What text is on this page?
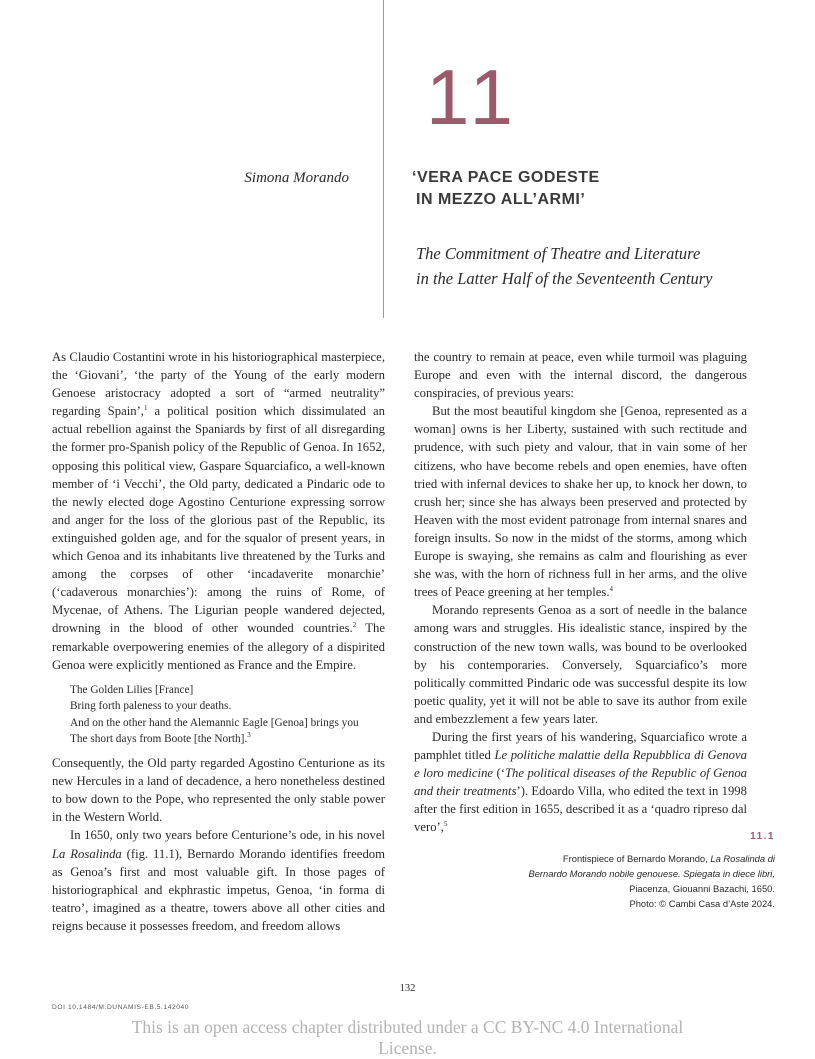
11
Simona Morando	‘VERA PACE GODESTE
IN MEZZO ALL’ARMI’
The Commitment of Theatre and Literature
in the Latter Half of the Seventeenth Century

As Claudio Costantini wrote in his historiographical masterpiece, the ‘Giovani’, ‘the party of the Young of the early modern Genoese aristocracy adopted a sort of “armed neutrality” regarding Spain’,$^1$ a political position which dissimulated an actual rebellion against the Spaniards by first of all disregarding the former pro-Spanish policy of the Republic of Genoa. In 1652, opposing this political view, Gaspare Squarciafico, a well-known member of ‘i Vecchi’, the Old party, dedicated a Pindaric ode to the newly elected doge Agostino Centurione expressing sorrow and anger for the loss of the glorious past of the Republic, its extinguished golden age, and for the squalor of present years, in which Genoa and its inhabitants live threatened by the Turks and among the corpses of other ‘incadaverite monarchie’ (‘cadaverous monarchies’): among the ruins of Rome, of Mycenae, of Athens. The Ligurian people wandered dejected, drowning in the blood of other wounded countries.$^2$ The remarkable overpowering enemies of the allegory of a dispirited Genoa were explicitly mentioned as France and the Empire.

The Golden Lilies [France]
Bring forth paleness to your deaths.
And on the other hand the Alemannic Eagle [Genoa] brings you
The short days from Boote [the North].$^3$

Consequently, the Old party regarded Agostino Centurione as its new Hercules in a land of decadence, a hero nonetheless destined to bow down to the Pope, who represented the only stable power in the Western World.

In 1650, only two years before Centurione’s ode, in his novel La Rosalinda (fig. 11.1), Bernardo Morando identifies freedom as Genoa’s first and most valuable gift. In those pages of historiographical and ekphrastic impetus, Genoa, ‘in forma di teatro’, imagined as a theatre, towers above all other cities and reigns because it possesses freedom, and freedom allows

the country to remain at peace, even while turmoil was plaguing Europe and even with the internal discord, the dangerous conspiracies, of previous years:

But the most beautiful kingdom she [Genoa, represented as a woman] owns is her Liberty, sustained with such rectitude and prudence, with such piety and valour, that in vain some of her citizens, who have become rebels and open enemies, have often tried with infernal devices to shake her up, to knock her down, to crush her; since she has always been preserved and protected by Heaven with the most evident patronage from internal snares and foreign insults. So now in the midst of the storms, among which Europe is swaying, she remains as calm and flourishing as ever she was, with the horn of richness full in her arms, and the olive trees of Peace greening at her temples.$^4$

Morando represents Genoa as a sort of needle in the balance among wars and struggles. His idealistic stance, inspired by the construction of the new town walls, was bound to be overlooked by his contemporaries. Conversely, Squarciafico’s more politically committed Pindaric ode was successful despite its low poetic quality, yet it will not be able to save its author from exile and embezzlement a few years later.

During the first years of his wandering, Squarciafico wrote a pamphlet titled Le politiche malattie della Repubblica di Genova e loro medicine (‘The political diseases of the Republic of Genoa and their treatments’). Edoardo Villa, who edited the text in 1998 after the first edition in 1655, described it as a ‘quadro ripreso dal vero’,$^5$

11.1
Frontispiece of Bernardo Morando, La Rosalinda di
Bernardo Morando nobile genouese. Spiegata in diece libri,
Piacenza, Giouanni Bazachi, 1650.
Photo: © Cambi Casa d’Aste 2024.
132
DOI 10.1484/M.DUNAMIS-EB.5.142040
This is an open access chapter distributed under a CC BY-NC 4.0 International
License.
